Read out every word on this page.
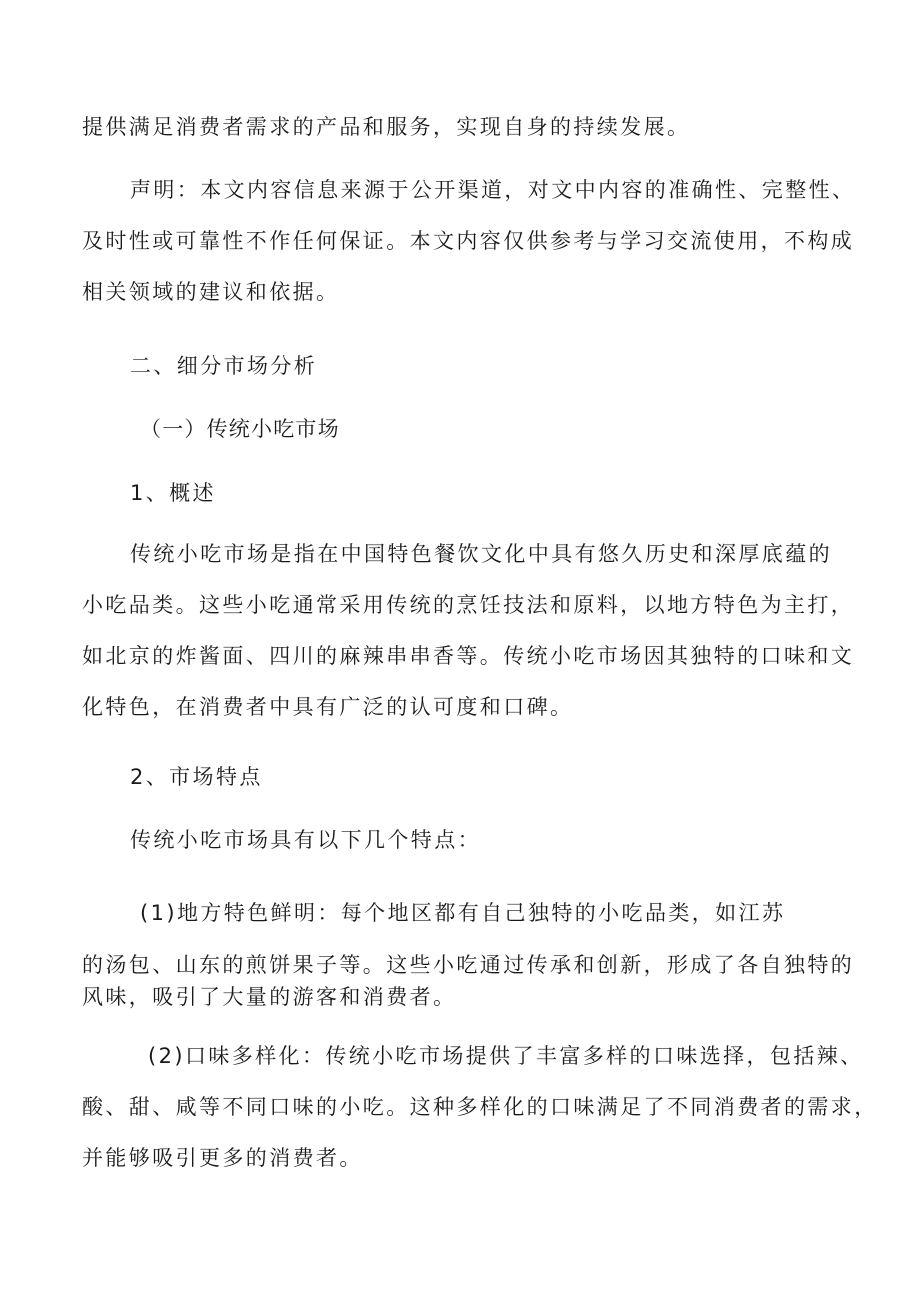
提供满足消费者需求的产品和服务，实现自身的持续发展。
声明：本文内容信息来源于公开渠道，对文中内容的准确性、完整性、
及时性或可靠性不作任何保证。本文内容仅供参考与学习交流使用，不构成
相关领域的建议和依据。
二、细分市场分析
（一）传统小吃市场
1、概述
传统小吃市场是指在中国特色餐饮文化中具有悠久历史和深厚底蕴的
小吃品类。这些小吃通常采用传统的烹饪技法和原料，以地方特色为主打，
如北京的炸酱面、四川的麻辣串串香等。传统小吃市场因其独特的口味和文
化特色，在消费者中具有广泛的认可度和口碑。
2、市场特点
传统小吃市场具有以下几个特点：
(1)地方特色鲜明：每个地区都有自己独特的小吃品类，如江苏
的汤包、山东的煎饼果子等。这些小吃通过传承和创新，形成了各自独特的
风味，吸引了大量的游客和消费者。
(2)口味多样化：传统小吃市场提供了丰富多样的口味选择，包括辣、
酸、甜、咸等不同口味的小吃。这种多样化的口味满足了不同消费者的需求，
并能够吸引更多的消费者。
